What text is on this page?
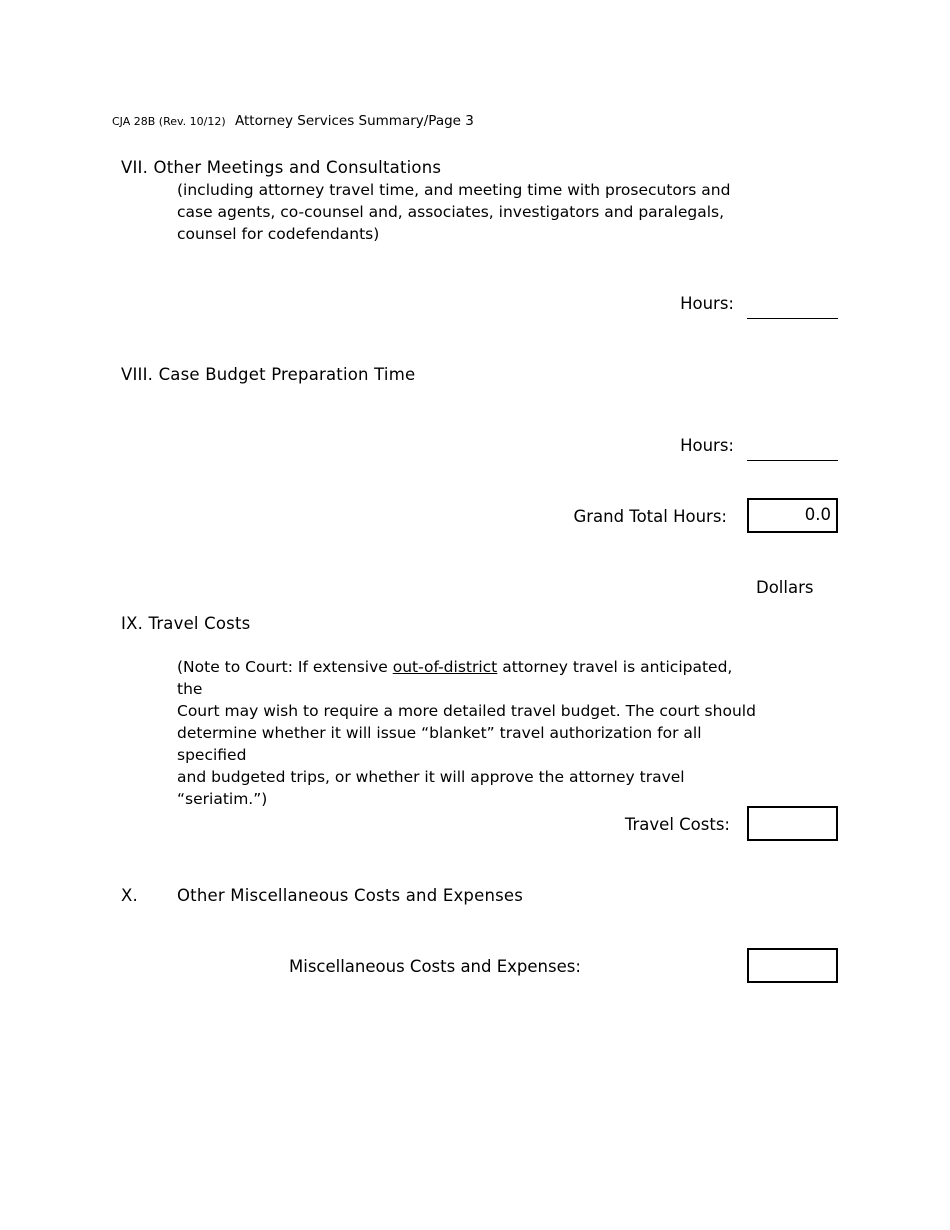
CJA 28B (Rev. 10/12) Attorney Services Summary/Page 3
VII. Other Meetings and Consultations
(including attorney travel time, and meeting time with prosecutors and
case agents, co-counsel and, associates, investigators and paralegals,
counsel for codefendants)
Hours:
VIII. Case Budget Preparation Time
Hours:
Grand Total Hours:	0.0
Dollars
IX. Travel Costs
(Note to Court: If extensive out-of-district attorney travel is anticipated, the
Court may wish to require a more detailed travel budget. The court should
determine whether it will issue “blanket” travel authorization for all specified
and budgeted trips, or whether it will approve the attorney travel “seriatim.”)
Travel Costs:
X. Other Miscellaneous Costs and Expenses
Miscellaneous Costs and Expenses:
